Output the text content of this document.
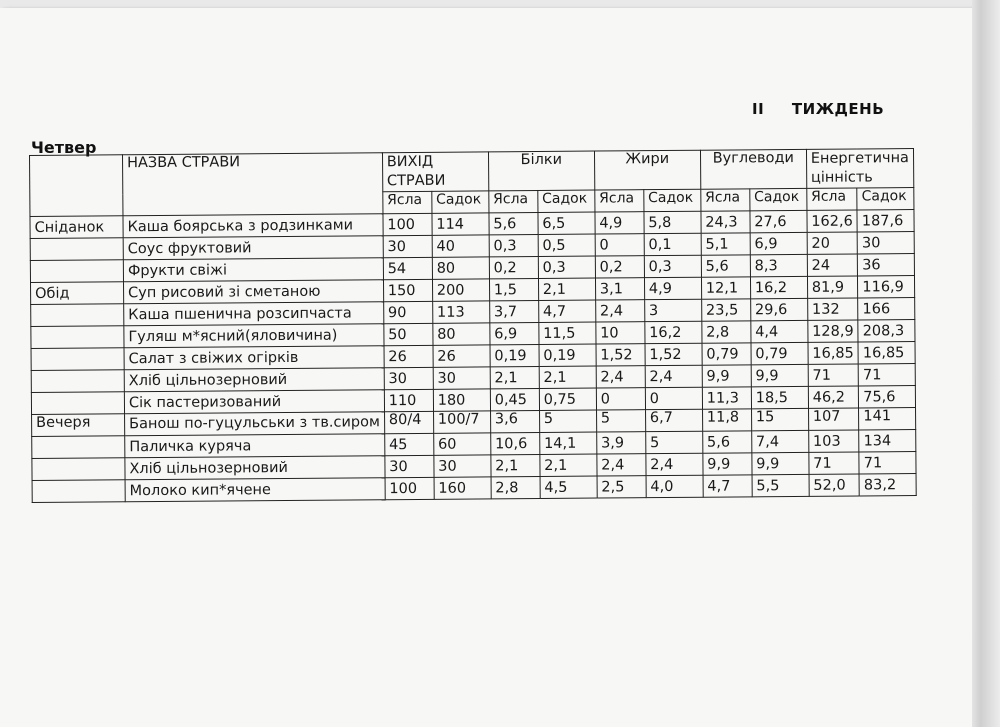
ІІ ТИЖДЕНЬ
Четвер
	НАЗВА СТРАВИ	ВИХІД СТРАВИ		Білки		Жири		Вуглеводи		Енергетична цінність	
		Ясла	Садок	Ясла	Садок	Ясла	Садок	Ясла	Садок	Ясла	Садок
Сніданок	Каша боярська з родзинками	100	114	5,6	6,5	4,9	5,8	24,3	27,6	162,6	187,6
	Соус фруктовий	30	40	0,3	0,5	0	0,1	5,1	6,9	20	30
	Фрукти свіжі	54	80	0,2	0,3	0,2	0,3	5,6	8,3	24	36
Обід	Суп рисовий зі сметаною	150	200	1,5	2,1	3,1	4,9	12,1	16,2	81,9	116,9
	Каша пшенична розсипчаста	90	113	3,7	4,7	2,4	3	23,5	29,6	132	166
	Гуляш м*ясний(яловичина)	50	80	6,9	11,5	10	16,2	2,8	4,4	128,9	208,3
	Салат з свіжих огірків	26	26	0,19	0,19	1,52	1,52	0,79	0,79	16,85	16,85
	Хліб цільнозерновий	30	30	2,1	2,1	2,4	2,4	9,9	9,9	71	71
	Сік пастеризований	110	180	0,45	0,75	0	0	11,3	18,5	46,2	75,6
Вечеря	Банош по-гуцульськи з тв.сиром	80/4	100/7	3,6	5	5	6,7	11,8	15	107	141
	Паличка куряча	45	60	10,6	14,1	3,9	5	5,6	7,4	103	134
	Хліб цільнозерновий	30	30	2,1	2,1	2,4	2,4	9,9	9,9	71	71
	Молоко кип*ячене	100	160	2,8	4,5	2,5	4,0	4,7	5,5	52,0	83,2
